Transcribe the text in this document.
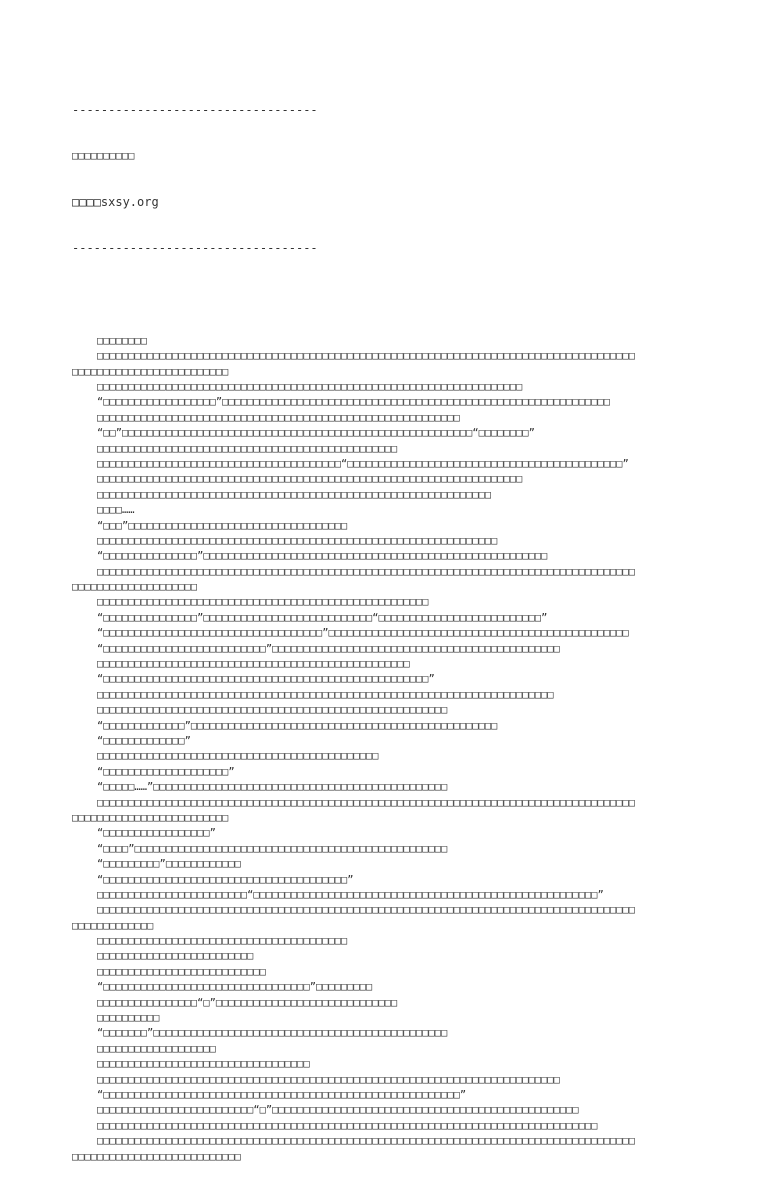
----------------------------------

□□□□□□□□□□

□□□□sxsy.org

----------------------------------

□□□□□□□□
□□□□□□□□□□□□□□□□□□□□□□□□□□□□□□□□□□□□□□□□□□□□□□□□□□□□□□□□□□□□□□□□□□□□□□□□□□□□□□□□□□□□□□
□□□□□□□□□□□□□□□□□□□□□□□□□
□□□□□□□□□□□□□□□□□□□□□□□□□□□□□□□□□□□□□□□□□□□□□□□□□□□□□□□□□□□□□□□□□□□□
“□□□□□□□□□□□□□□□□□□”□□□□□□□□□□□□□□□□□□□□□□□□□□□□□□□□□□□□□□□□□□□□□□□□□□□□□□□□□□□□□□
□□□□□□□□□□□□□□□□□□□□□□□□□□□□□□□□□□□□□□□□□□□□□□□□□□□□□□□□□□
“□□”□□□□□□□□□□□□□□□□□□□□□□□□□□□□□□□□□□□□□□□□□□□□□□□□□□□□□□□□“□□□□□□□□”
□□□□□□□□□□□□□□□□□□□□□□□□□□□□□□□□□□□□□□□□□□□□□□□□
□□□□□□□□□□□□□□□□□□□□□□□□□□□□□□□□□□□□□□□“□□□□□□□□□□□□□□□□□□□□□□□□□□□□□□□□□□□□□□□□□□□□”
□□□□□□□□□□□□□□□□□□□□□□□□□□□□□□□□□□□□□□□□□□□□□□□□□□□□□□□□□□□□□□□□□□□□
□□□□□□□□□□□□□□□□□□□□□□□□□□□□□□□□□□□□□□□□□□□□□□□□□□□□□□□□□□□□□□□
□□□□……
“□□□”□□□□□□□□□□□□□□□□□□□□□□□□□□□□□□□□□□□
□□□□□□□□□□□□□□□□□□□□□□□□□□□□□□□□□□□□□□□□□□□□□□□□□□□□□□□□□□□□□□□□
“□□□□□□□□□□□□□□□”□□□□□□□□□□□□□□□□□□□□□□□□□□□□□□□□□□□□□□□□□□□□□□□□□□□□□□□
□□□□□□□□□□□□□□□□□□□□□□□□□□□□□□□□□□□□□□□□□□□□□□□□□□□□□□□□□□□□□□□□□□□□□□□□□□□□□□□□□□□□□□
□□□□□□□□□□□□□□□□□□□□
□□□□□□□□□□□□□□□□□□□□□□□□□□□□□□□□□□□□□□□□□□□□□□□□□□□□□
“□□□□□□□□□□□□□□□”□□□□□□□□□□□□□□□□□□□□□□□□□□□“□□□□□□□□□□□□□□□□□□□□□□□□□□”
“□□□□□□□□□□□□□□□□□□□□□□□□□□□□□□□□□□□”□□□□□□□□□□□□□□□□□□□□□□□□□□□□□□□□□□□□□□□□□□□□□□□□
“□□□□□□□□□□□□□□□□□□□□□□□□□□”□□□□□□□□□□□□□□□□□□□□□□□□□□□□□□□□□□□□□□□□□□□□□□
□□□□□□□□□□□□□□□□□□□□□□□□□□□□□□□□□□□□□□□□□□□□□□□□□□
“□□□□□□□□□□□□□□□□□□□□□□□□□□□□□□□□□□□□□□□□□□□□□□□□□□□□”
□□□□□□□□□□□□□□□□□□□□□□□□□□□□□□□□□□□□□□□□□□□□□□□□□□□□□□□□□□□□□□□□□□□□□□□□□
□□□□□□□□□□□□□□□□□□□□□□□□□□□□□□□□□□□□□□□□□□□□□□□□□□□□□□□□
“□□□□□□□□□□□□□”□□□□□□□□□□□□□□□□□□□□□□□□□□□□□□□□□□□□□□□□□□□□□□□□□
“□□□□□□□□□□□□□”
□□□□□□□□□□□□□□□□□□□□□□□□□□□□□□□□□□□□□□□□□□□□□
“□□□□□□□□□□□□□□□□□□□□”
“□□□□□……”□□□□□□□□□□□□□□□□□□□□□□□□□□□□□□□□□□□□□□□□□□□□□□□
□□□□□□□□□□□□□□□□□□□□□□□□□□□□□□□□□□□□□□□□□□□□□□□□□□□□□□□□□□□□□□□□□□□□□□□□□□□□□□□□□□□□□□
□□□□□□□□□□□□□□□□□□□□□□□□□
“□□□□□□□□□□□□□□□□□”
“□□□□”□□□□□□□□□□□□□□□□□□□□□□□□□□□□□□□□□□□□□□□□□□□□□□□□□□
“□□□□□□□□□”□□□□□□□□□□□□
“□□□□□□□□□□□□□□□□□□□□□□□□□□□□□□□□□□□□□□□”
□□□□□□□□□□□□□□□□□□□□□□□□“□□□□□□□□□□□□□□□□□□□□□□□□□□□□□□□□□□□□□□□□□□□□□□□□□□□□□□□”
□□□□□□□□□□□□□□□□□□□□□□□□□□□□□□□□□□□□□□□□□□□□□□□□□□□□□□□□□□□□□□□□□□□□□□□□□□□□□□□□□□□□□□
□□□□□□□□□□□□□
□□□□□□□□□□□□□□□□□□□□□□□□□□□□□□□□□□□□□□□□
□□□□□□□□□□□□□□□□□□□□□□□□□
□□□□□□□□□□□□□□□□□□□□□□□□□□□
“□□□□□□□□□□□□□□□□□□□□□□□□□□□□□□□□□”□□□□□□□□□
□□□□□□□□□□□□□□□□“□”□□□□□□□□□□□□□□□□□□□□□□□□□□□□□
□□□□□□□□□□
“□□□□□□□”□□□□□□□□□□□□□□□□□□□□□□□□□□□□□□□□□□□□□□□□□□□□□□□
□□□□□□□□□□□□□□□□□□□
□□□□□□□□□□□□□□□□□□□□□□□□□□□□□□□□□□
□□□□□□□□□□□□□□□□□□□□□□□□□□□□□□□□□□□□□□□□□□□□□□□□□□□□□□□□□□□□□□□□□□□□□□□□□□
“□□□□□□□□□□□□□□□□□□□□□□□□□□□□□□□□□□□□□□□□□□□□□□□□□□□□□□□□□”
□□□□□□□□□□□□□□□□□□□□□□□□□“□”□□□□□□□□□□□□□□□□□□□□□□□□□□□□□□□□□□□□□□□□□□□□□□□□□
□□□□□□□□□□□□□□□□□□□□□□□□□□□□□□□□□□□□□□□□□□□□□□□□□□□□□□□□□□□□□□□□□□□□□□□□□□□□□□□□
□□□□□□□□□□□□□□□□□□□□□□□□□□□□□□□□□□□□□□□□□□□□□□□□□□□□□□□□□□□□□□□□□□□□□□□□□□□□□□□□□□□□□□
□□□□□□□□□□□□□□□□□□□□□□□□□□□
